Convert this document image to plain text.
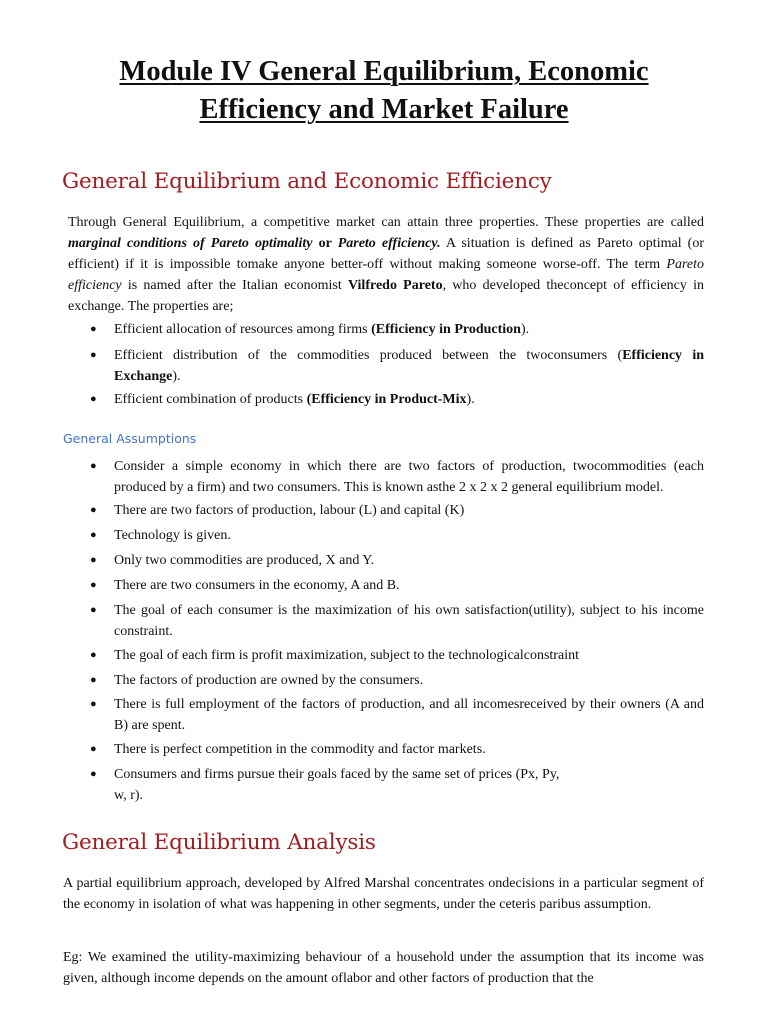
Module IV General Equilibrium, Economic
Efficiency and Market Failure
General Equilibrium and Economic Efficiency

Through General Equilibrium, a competitive market can attain three properties. These properties are called marginal conditions of Pareto optimality or Pareto efficiency. A situation is defined as Pareto optimal (or efficient) if it is impossible tomake anyone better-off without making someone worse-off. The term Pareto efficiency is named after the Italian economist Vilfredo Pareto, who developed theconcept of efficiency in exchange. The properties are;

● Efficient allocation of resources among firms (Efficiency in Production).
● Efficient distribution of the commodities produced between the twoconsumers (Efficiency in Exchange).
● Efficient combination of products (Efficiency in Product-Mix).
General Assumptions
● Consider a simple economy in which there are two factors of production, twocommodities (each produced by a firm) and two consumers. This is known asthe 2 x 2 x 2 general equilibrium model.
● There are two factors of production, labour (L) and capital (K)
● Technology is given.
● Only two commodities are produced, X and Y.
● There are two consumers in the economy, A and B.
● The goal of each consumer is the maximization of his own satisfaction(utility), subject to his income constraint.
● The goal of each firm is profit maximization, subject to the technologicalconstraint
● The factors of production are owned by the consumers.
● There is full employment of the factors of production, and all incomesreceived by their owners (A and B) are spent.
● There is perfect competition in the commodity and factor markets.
● Consumers and firms pursue their goals faced by the same set of prices (Px, Py, w, r).
General Equilibrium Analysis

A partial equilibrium approach, developed by Alfred Marshal concentrates ondecisions in a particular segment of the economy in isolation of what was happening in other segments, under the ceteris paribus assumption.

Eg: We examined the utility-maximizing behaviour of a household under the assumption that its income was given, although income depends on the amount oflabor and other factors of production that the
